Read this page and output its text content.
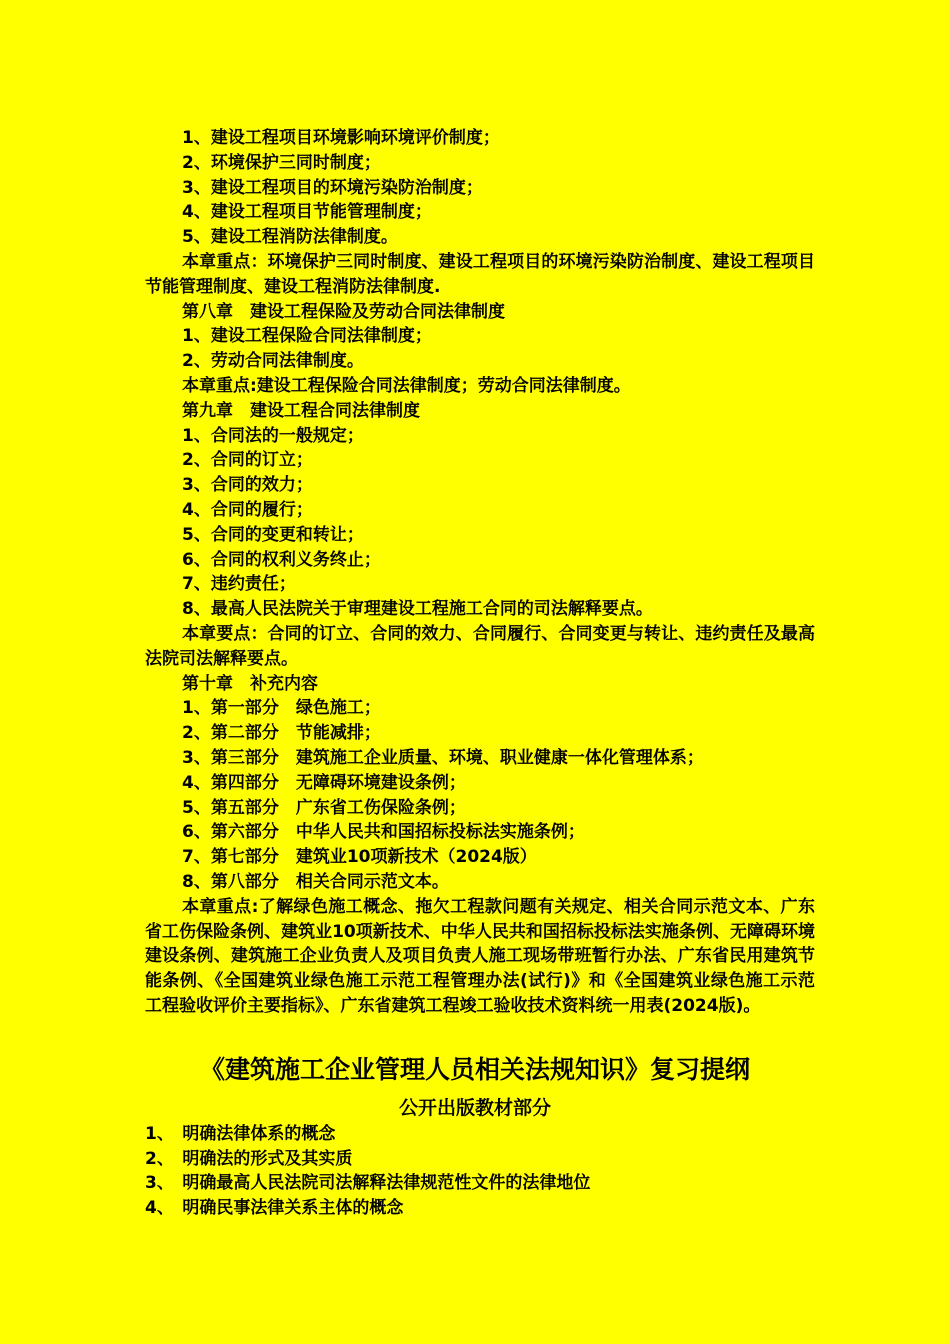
1、建设工程项目环境影响环境评价制度；
2、环境保护三同时制度；
3、建设工程项目的环境污染防治制度；
4、建设工程项目节能管理制度；
5、建设工程消防法律制度。
本章重点：环境保护三同时制度、建设工程项目的环境污染防治制度、建设工程项目节能管理制度、建设工程消防法律制度.
第八章　建设工程保险及劳动合同法律制度
1、建设工程保险合同法律制度；
2、劳动合同法律制度。
本章重点:建设工程保险合同法律制度；劳动合同法律制度。
第九章　建设工程合同法律制度
1、合同法的一般规定；
2、合同的订立；
3、合同的效力；
4、合同的履行；
5、合同的变更和转让；
6、合同的权利义务终止；
7、违约责任；
8、最高人民法院关于审理建设工程施工合同的司法解释要点。
本章要点：合同的订立、合同的效力、合同履行、合同变更与转让、违约责任及最高法院司法解释要点。
第十章　补充内容
1、第一部分　绿色施工；
2、第二部分　节能减排；
3、第三部分　建筑施工企业质量、环境、职业健康一体化管理体系；
4、第四部分　无障碍环境建设条例；
5、第五部分　广东省工伤保险条例；
6、第六部分　中华人民共和国招标投标法实施条例；
7、第七部分　建筑业10项新技术（2024版）
8、第八部分　相关合同示范文本。
本章重点:了解绿色施工概念、拖欠工程款问题有关规定、相关合同示范文本、广东省工伤保险条例、建筑业10项新技术、中华人民共和国招标投标法实施条例、无障碍环境建设条例、建筑施工企业负责人及项目负责人施工现场带班暂行办法、广东省民用建筑节能条例、《全国建筑业绿色施工示范工程管理办法(试行)》和《全国建筑业绿色施工示范工程验收评价主要指标》、广东省建筑工程竣工验收技术资料统一用表(2024版)。
《建筑施工企业管理人员相关法规知识》复习提纲
公开出版教材部分
1、　明确法律体系的概念
2、　明确法的形式及其实质
3、　明确最高人民法院司法解释法律规范性文件的法律地位
4、　明确民事法律关系主体的概念
